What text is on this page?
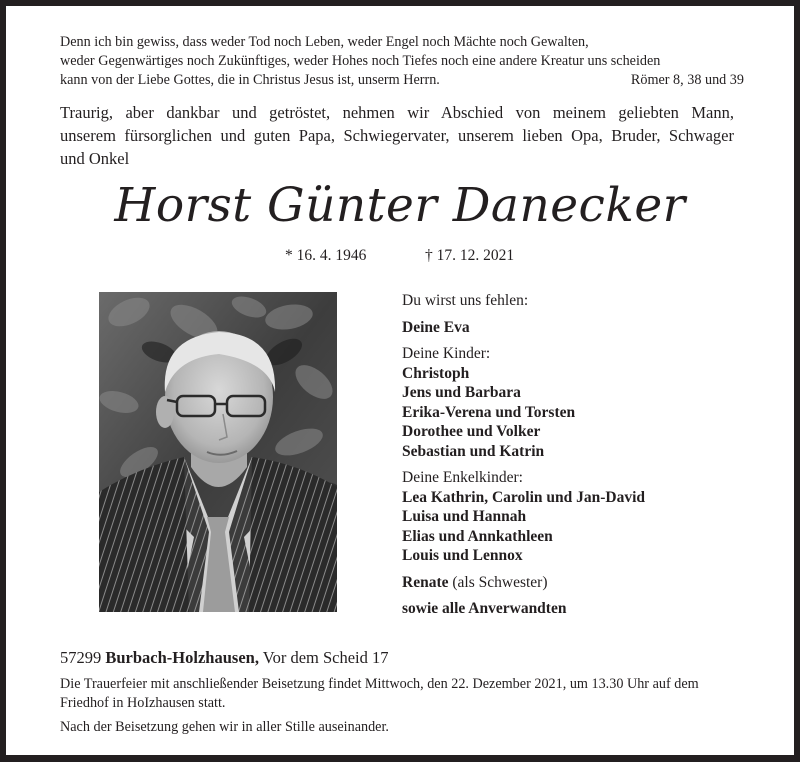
Denn ich bin gewiss, dass weder Tod noch Leben, weder Engel noch Mächte noch Gewalten,
weder Gegenwärtiges noch Zukünftiges, weder Hohes noch Tiefes noch eine andere Kreatur uns scheiden
kann von der Liebe Gottes, die in Christus Jesus ist, unserm Herrn.	Römer 8, 38 und 39
Traurig, aber dankbar und getröstet, nehmen wir Abschied von meinem geliebten Mann,
unserem fürsorglichen und guten Papa, Schwiegervater, unserem lieben Opa, Bruder, Schwager
und Onkel
Horst Günter Danecker
* 16. 4. 1946	† 17. 12. 2021
Du wirst uns fehlen:
Deine Eva
Deine Kinder:
Christoph
Jens und Barbara
Erika-Verena und Torsten
Dorothee und Volker
Sebastian und Katrin
Deine Enkelkinder:
Lea Kathrin, Carolin und Jan-David
Luisa und Hannah
Elias und Annkathleen
Louis und Lennox
Renate (als Schwester)
sowie alle Anverwandten
57299 Burbach-Holzhausen, Vor dem Scheid 17
Die Trauerfeier mit anschließender Beisetzung findet Mittwoch, den 22. Dezember 2021, um 13.30 Uhr auf dem Friedhof in HoIzhausen statt.
Nach der Beisetzung gehen wir in aller Stille auseinander.
